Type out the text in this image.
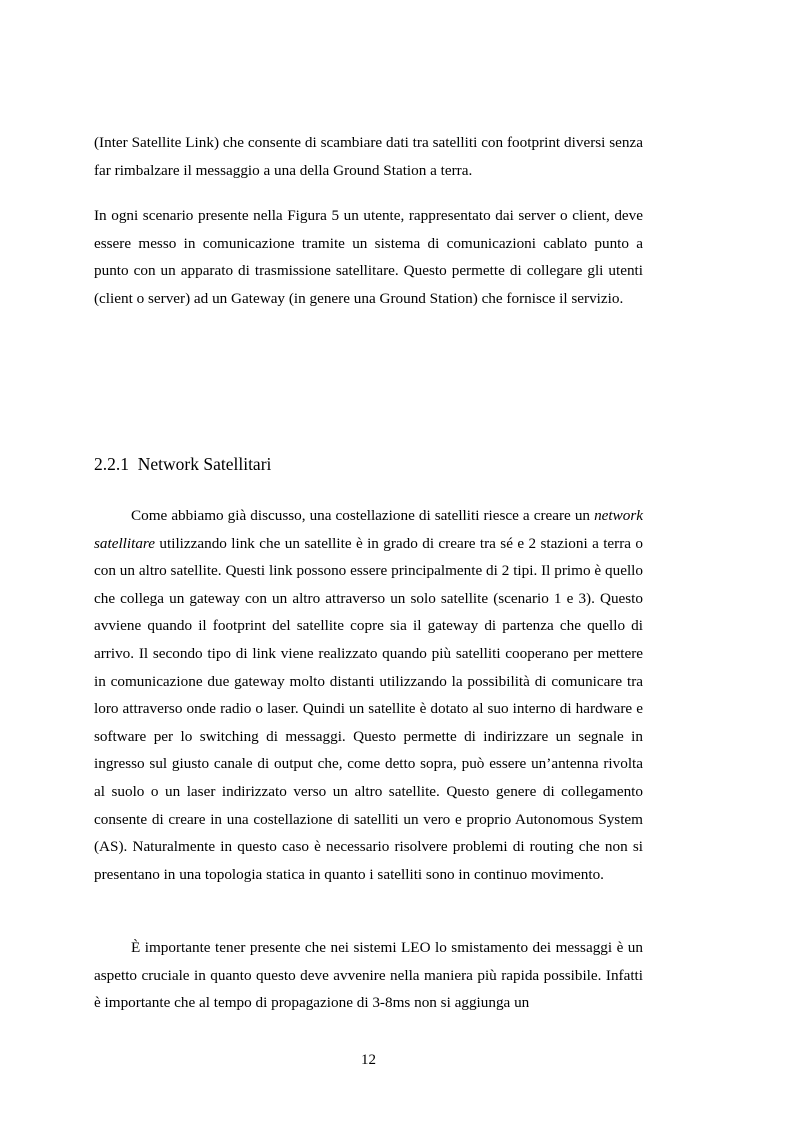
(Inter Satellite Link) che consente di scambiare dati tra satelliti con footprint diversi senza far rimbalzare il messaggio a una della Ground Station a terra.

In ogni scenario presente nella Figura 5 un utente, rappresentato dai server o client, deve essere messo in comunicazione tramite un sistema di comunicazioni cablato punto a punto con un apparato di trasmissione satellitare. Questo permette di collegare gli utenti (client o server) ad un Gateway (in genere una Ground Station) che fornisce il servizio.

2.2.1 Network Satellitari

Come abbiamo già discusso, una costellazione di satelliti riesce a creare un network satellitare utilizzando link che un satellite è in grado di creare tra sé e 2 stazioni a terra o con un altro satellite. Questi link possono essere principalmente di 2 tipi. Il primo è quello che collega un gateway con un altro attraverso un solo satellite (scenario 1 e 3). Questo avviene quando il footprint del satellite copre sia il gateway di partenza che quello di arrivo. Il secondo tipo di link viene realizzato quando più satelliti cooperano per mettere in comunicazione due gateway molto distanti utilizzando la possibilità di comunicare tra loro attraverso onde radio o laser. Quindi un satellite è dotato al suo interno di hardware e software per lo switching di messaggi. Questo permette di indirizzare un segnale in ingresso sul giusto canale di output che, come detto sopra, può essere un’antenna rivolta al suolo o un laser indirizzato verso un altro satellite. Questo genere di collegamento consente di creare in una costellazione di satelliti un vero e proprio Autonomous System (AS). Naturalmente in questo caso è necessario risolvere problemi di routing che non si presentano in una topologia statica in quanto i satelliti sono in continuo movimento.

È importante tener presente che nei sistemi LEO lo smistamento dei messaggi è un aspetto cruciale in quanto questo deve avvenire nella maniera più rapida possibile. Infatti è importante che al tempo di propagazione di 3-8ms non si aggiunga un

12
